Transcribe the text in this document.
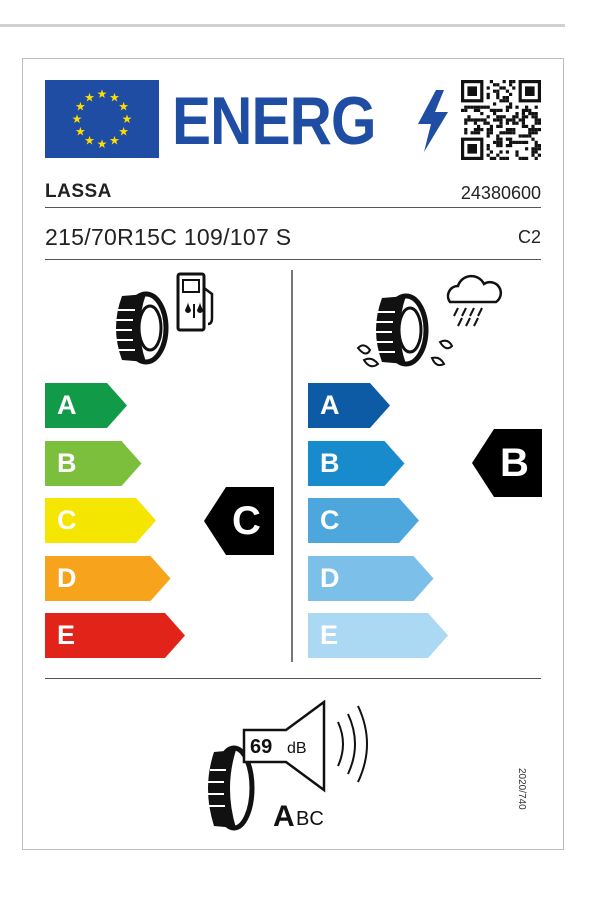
★ ★
★
★
★
★
★
★
★
★
★
★ ENERG
LASSA	24380600
215/70R15C 109/107 S	C2
A
B
C
D
E
C
A
B
C
D
E
B
69 dB
A BC
2020/740
